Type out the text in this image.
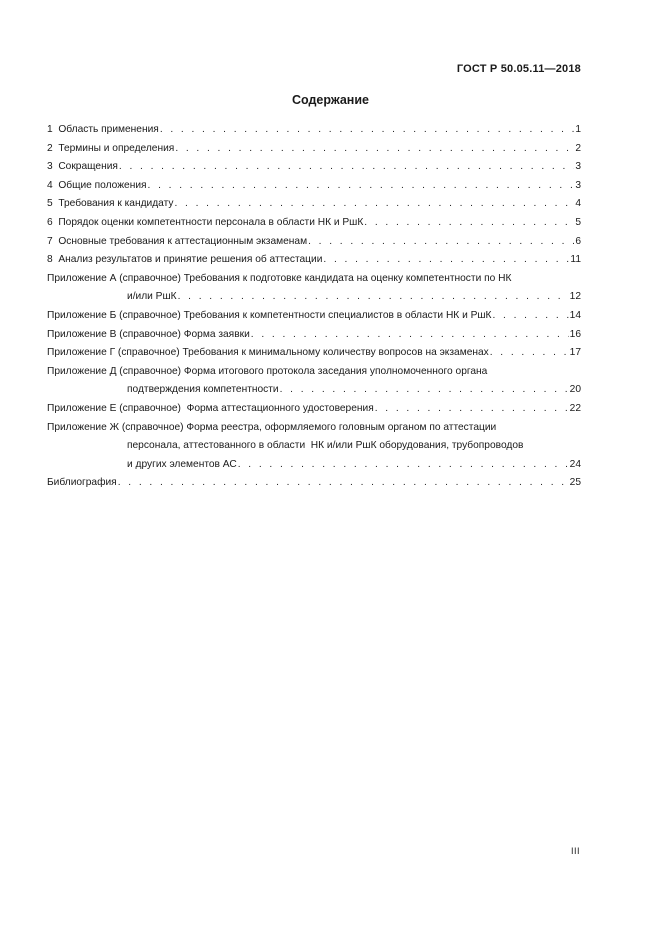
ГОСТ Р 50.05.11—2018
Содержание
1  Область применения . . .	1
2  Термины и определения . . .	2
3  Сокращения . . .	3
4  Общие положения . . .	3
5  Требования к кандидату . . .	4
6  Порядок оценки компетентности персонала в области НК и РшК . . .	5
7  Основные требования к аттестационным экзаменам . . .	6
8  Анализ результатов и принятие решения об аттестации . . .	11
Приложение А (справочное) Требования к подготовке кандидата на оценку компетентности по НК
и/или РшК . . .	12
Приложение Б (справочное) Требования к компетентности специалистов в области НК и РшК . . .	14
Приложение В (справочное) Форма заявки . . .	16
Приложение Г (справочное) Требования к минимальному количеству вопросов на экзаменах . . .	17
Приложение Д (справочное) Форма итогового протокола заседания уполномоченного органа
подтверждения компетентности . . .	20
Приложение Е (справочное)  Форма аттестационного удостоверения . . .	22
Приложение Ж (справочное) Форма реестра, оформляемого головным органом по аттестации
персонала, аттестованного в области  НК и/или РшК оборудования, трубопроводов
и других элементов АС . . .	24
Библиография . . .	25
III
